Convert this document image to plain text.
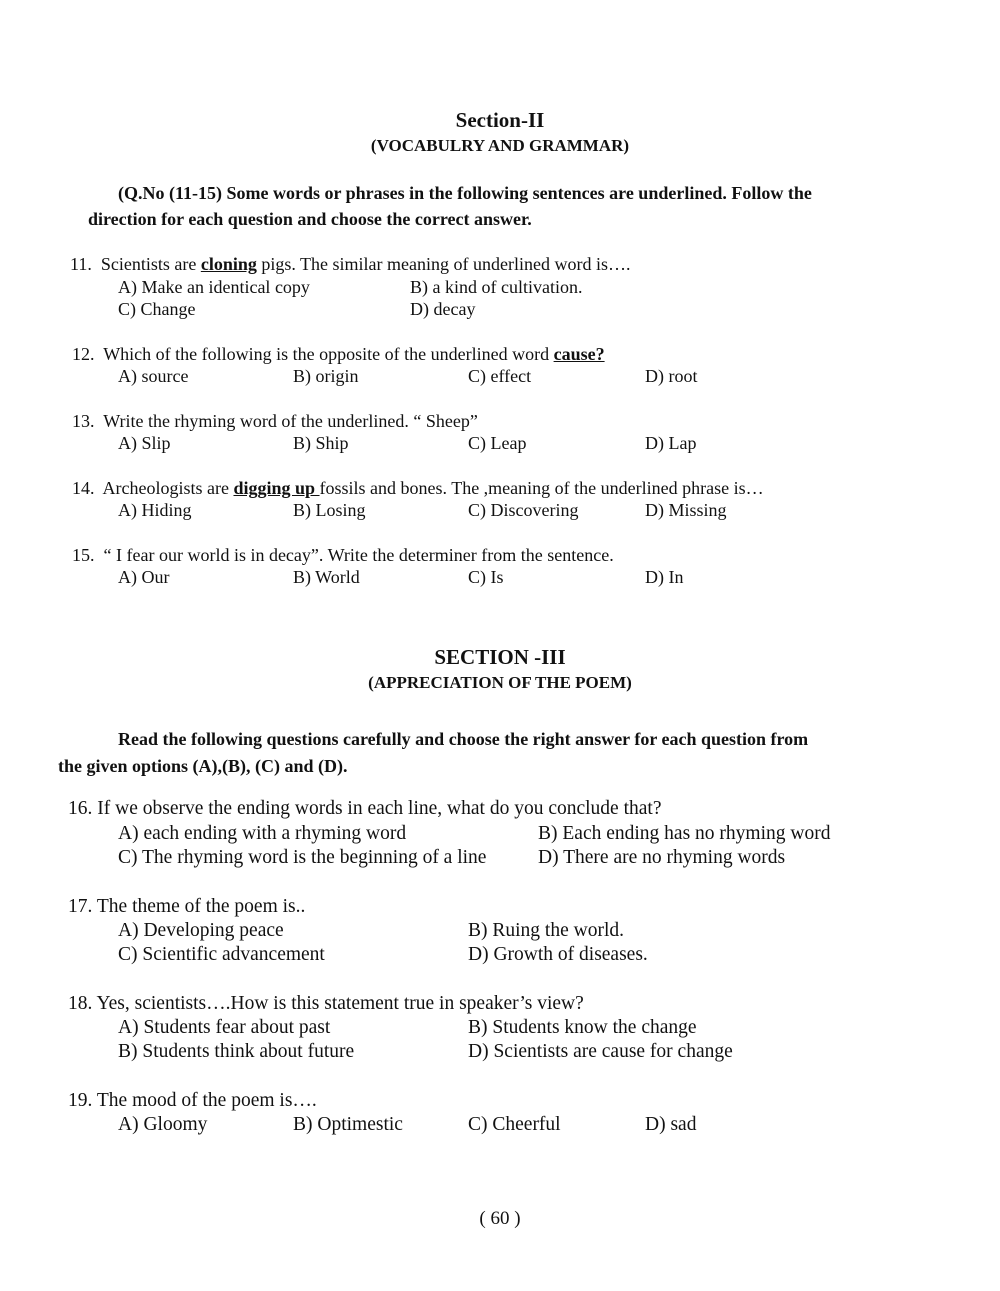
Section-II
(VOCABULRY AND GRAMMAR)
(Q.No (11-15) Some words or phrases in the following sentences are underlined. Follow the
direction for each question and choose the correct answer.
11. Scientists are cloning pigs. The similar meaning of underlined word is….
A) Make an identical copy	B) a kind of cultivation.
C) Change	D) decay
12. Which of the following is the opposite of the underlined word cause?
A) source	B) origin	C) effect	D) root
13. Write the rhyming word of the underlined. “ Sheep”
A) Slip	B) Ship	C) Leap	D) Lap
14. Archeologists are digging up fossils and bones. The ,meaning of the underlined phrase is…
A) Hiding	B) Losing	C) Discovering	D) Missing
15. “ I fear our world is in decay”. Write the determiner from the sentence.
A) Our	B) World	C) Is	D) In
SECTION -III
(APPRECIATION OF THE POEM)
Read the following questions carefully and choose the right answer for each question from
the given options (A),(B), (C) and (D).
16. If we observe the ending words in each line, what do you conclude that?
A) each ending with a rhyming word	B) Each ending has no rhyming word
C) The rhyming word is the beginning of a line	D) There are no rhyming words
17. The theme of the poem is..
A) Developing peace	B) Ruing the world.
C) Scientific advancement	D) Growth of diseases.
18. Yes, scientists….How is this statement true in speaker’s view?
A) Students fear about past	B) Students know the change
B) Students think about future	D) Scientists are cause for change
19. The mood of the poem is….
A) Gloomy	B) Optimestic	C) Cheerful	D) sad
( 60 )
